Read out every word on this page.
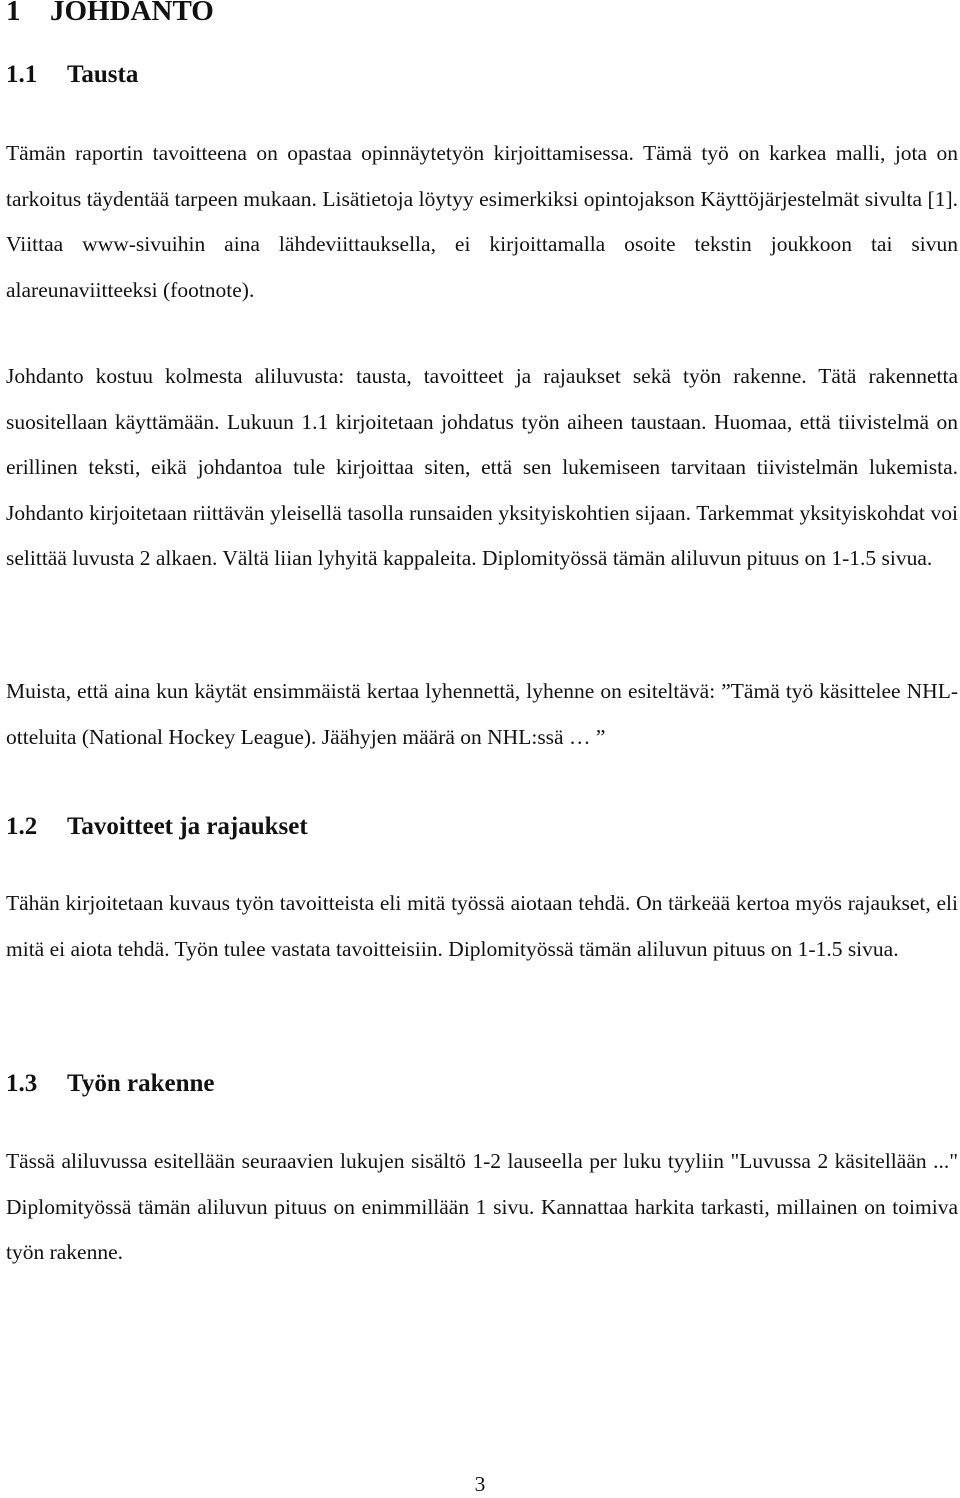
1 JOHDANTO
1.1 Tausta
Tämän raportin tavoitteena on opastaa opinnäytetyön kirjoittamisessa. Tämä työ on karkea malli, jota on tarkoitus täydentää tarpeen mukaan. Lisätietoja löytyy esimerkiksi opintojakson Käyttöjärjestelmät sivulta [1]. Viittaa www-sivuihin aina lähdeviittauksella, ei kirjoittamalla osoite tekstin joukkoon tai sivun alareunaviitteeksi (footnote).
Johdanto kostuu kolmesta aliluvusta: tausta, tavoitteet ja rajaukset sekä työn rakenne. Tätä rakennetta suositellaan käyttämään. Lukuun 1.1 kirjoitetaan johdatus työn aiheen taustaan. Huomaa, että tiivistelmä on erillinen teksti, eikä johdantoa tule kirjoittaa siten, että sen lukemiseen tarvitaan tiivistelmän lukemista. Johdanto kirjoitetaan riittävän yleisellä tasolla runsaiden yksityiskohtien sijaan. Tarkemmat yksityiskohdat voi selittää luvusta 2 alkaen. Vältä liian lyhyitä kappaleita. Diplomityössä tämän aliluvun pituus on 1-1.5 sivua.
Muista, että aina kun käytät ensimmäistä kertaa lyhennettä, lyhenne on esiteltävä: ”Tämä työ käsittelee NHL-otteluita (National Hockey League). Jäähyjen määrä on NHL:ssä … ”
1.2 Tavoitteet ja rajaukset
Tähän kirjoitetaan kuvaus työn tavoitteista eli mitä työssä aiotaan tehdä. On tärkeää kertoa myös rajaukset, eli mitä ei aiota tehdä. Työn tulee vastata tavoitteisiin. Diplomityössä tämän aliluvun pituus on 1-1.5 sivua.
1.3 Työn rakenne
Tässä aliluvussa esitellään seuraavien lukujen sisältö 1-2 lauseella per luku tyyliin "Luvussa 2 käsitellään ..." Diplomityössä tämän aliluvun pituus on enimmillään 1 sivu. Kannattaa harkita tarkasti, millainen on toimiva työn rakenne.
3
